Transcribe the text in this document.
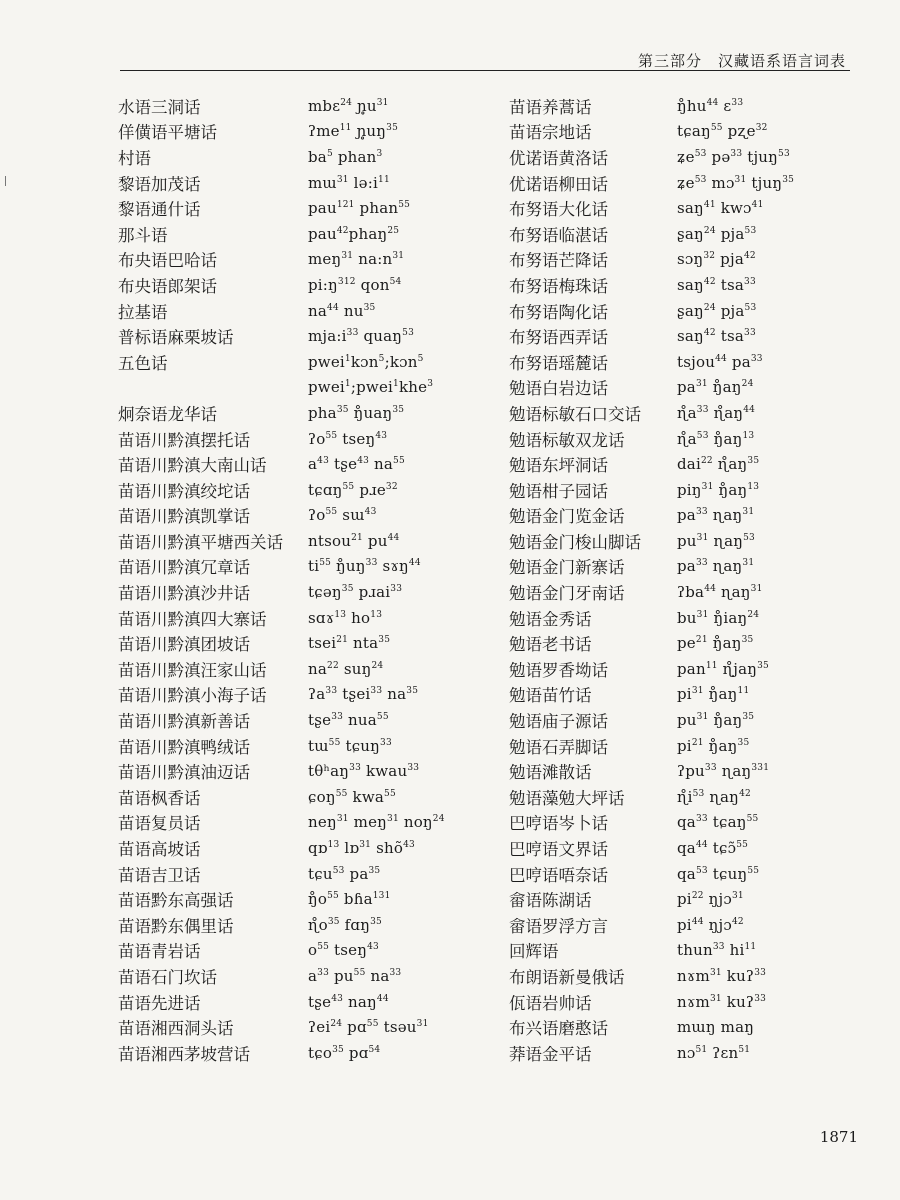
第三部分　汉藏语系语言词表
水语三洞话	mbɛ$^{24}$ $ɲ̥u^{31}$
佯僙语平塘话	ʔme$^{11}$ $ɲ̥uŋ^{35}$
村语	$ba^5$ phan$^3$
黎语加茂话	mɯ$^{31}$ $lə:i^{11}$
黎语通什话	pau$^{121}$ phan$^{55}$
那斗语	pau$^{42}$phaŋ$^{25}$
布央语巴哈话	meŋ$^{31}$ $na:n^{31}$
布央语郎架话	$pi:ŋ^{312}$ qon$^{54}$
拉基语	$na^{44}$ $nu^{35}$
普标语麻栗坡话	$mja:i^{33}$ quaŋ$^{53}$
五色话	pwei$^1$kɔn$^5$;kɔn$^5$
pwei$^1$;pwei$^1$khe$^3$
炯奈语龙华话	pha$^{35}$ ŋ̊uaŋ$^{35}$
苗语川黔滇摆托话	ʔo$^{55}$ tseŋ$^{43}$
苗语川黔滇大南山话	$a^{43}$ tʂe$^{43}$ $na^{55}$
苗语川黔滇绞坨话	tɕɑŋ$^{55}$ pɹe$^{32}$
苗语川黔滇凯掌话	ʔo$^{55}$ sɯ$^{43}$
苗语川黔滇平塘西关话	ntsou$^{21}$ $pu^{44}$
苗语川黔滇冗章话	$ti^{55}$ $ŋ̊uŋ^{33}$ sɤŋ$^{44}$
苗语川黔滇沙井话	tɕəŋ$^{35}$ pɹai$^{33}$
苗语川黔滇四大寨话	sɑɤ$^{13}$ $ho^{13}$
苗语川黔滇团坡话	tsei$^{21}$ nta$^{35}$
苗语川黔滇汪家山话	$na^{22}$ suŋ$^{24}$
苗语川黔滇小海子话	ʔa$^{33}$ tʂei$^{33}$ $na^{35}$
苗语川黔滇新善话	tʂe$^{33}$ nua$^{55}$
苗语川黔滇鸭绒话	tɯ$^{55}$ tɕuŋ$^{33}$
苗语川黔滇油迈话	tθʰaŋ$^{33}$ kwau$^{33}$
苗语枫香话	ɕoŋ$^{55}$ kwa$^{55}$
苗语复员话	neŋ$^{31}$ meŋ$^{31}$ noŋ$^{24}$
苗语高坡话	qɒ$^{13}$ lɒ$^{31}$ shõ$^{43}$
苗语吉卫话	tɕu$^{53}$ $pa^{35}$
苗语黔东高强话	$ŋ̊o^{55}$ bɦa$^{131}$
苗语黔东偶里话	$ɳ̊o^{35}$ fɑŋ$^{35}$
苗语青岩话	$o^{55}$ tseŋ$^{43}$
苗语石门坎话	$a^{33}$ $pu^{55}$ $na^{33}$
苗语先进话	tʂe$^{43}$ naŋ$^{44}$
苗语湘西洞头话	ʔei$^{24}$ pɑ$^{55}$ tsəu$^{31}$
苗语湘西茅坡营话	tɕo$^{35}$ pɑ$^{54}$
苗语养蒿话	$ŋ̊hu^{44}$ ɛ$^{33}$
苗语宗地话	tɕaŋ$^{55}$ pʐe$^{32}$
优诺语黄洛话	ʑe$^{53}$ pə$^{33}$ tjuŋ$^{53}$
优诺语柳田话	ʑe$^{53}$ mɔ$^{31}$ tjuŋ$^{35}$
布努语大化话	saŋ$^{41}$ kwɔ$^{41}$
布努语临湛话	ʂaŋ$^{24}$ pja$^{53}$
布努语芒降话	sɔŋ$^{32}$ pja$^{42}$
布努语梅珠话	saŋ$^{42}$ tsa$^{33}$
布努语陶化话	ʂaŋ$^{24}$ pja$^{53}$
布努语西弄话	saŋ$^{42}$ tsa$^{33}$
布努语瑶麓话	tsjou$^{44}$ $pa^{33}$
勉语白岩边话	$pa^{31}$ $ŋ̊aŋ^{24}$
勉语标敏石口交话	$ɳ̊a^{33}$ $ɳ̊aŋ^{44}$
勉语标敏双龙话	$ɳ̊a^{53}$ $ŋ̊aŋ^{13}$
勉语东坪洞话	dai$^{22}$ $ɳ̊aŋ^{35}$
勉语柑子园话	piŋ$^{31}$ $ŋ̊aŋ^{13}$
勉语金门览金话	$pa^{33}$ ɳaŋ$^{31}$
勉语金门梭山脚话	$pu^{31}$ ɳaŋ$^{53}$
勉语金门新寨话	$pa^{33}$ ɳaŋ$^{31}$
勉语金门牙南话	ʔba$^{44}$ ɳaŋ$^{31}$
勉语金秀话	$bu^{31}$ ŋ̊iaŋ$^{24}$
勉语老书话	$pe^{21}$ $ŋ̊aŋ^{35}$
勉语罗香坳话	pan$^{11}$ ɳ̊jaŋ$^{35}$
勉语苗竹话	$pi^{31}$ $ŋ̊aŋ^{11}$
勉语庙子源话	$pu^{31}$ $ŋ̊aŋ^{35}$
勉语石弄脚话	$pi^{21}$ $ŋ̊aŋ^{35}$
勉语滩散话	ʔpu$^{33}$ ɳaŋ$^{331}$
勉语藻勉大坪话	$ɳ̊i^{53}$ ɳaŋ$^{42}$
巴哼语岑卜话	$qa^{33}$ tɕaŋ$^{55}$
巴哼语文界话	$qa^{44}$ tɕɔ̃$^{55}$
巴哼语唔奈话	$qa^{53}$ tɕuŋ$^{55}$
畲语陈湖话	$pi^{22}$ ŋjɔ$^{31}$
畲语罗浮方言	$pi^{44}$ ŋjɔ$^{42}$
回辉语	thun$^{33}$ $hi^{11}$
布朗语新曼俄话	nɤm$^{31}$ kuʔ$^{33}$
佤语岩帅话	nɤm$^{31}$ kuʔ$^{33}$
布兴语磨憨话	mɯŋ maŋ
莽语金平话	nɔ$^{51}$ ʔɛn$^{51}$
1871
